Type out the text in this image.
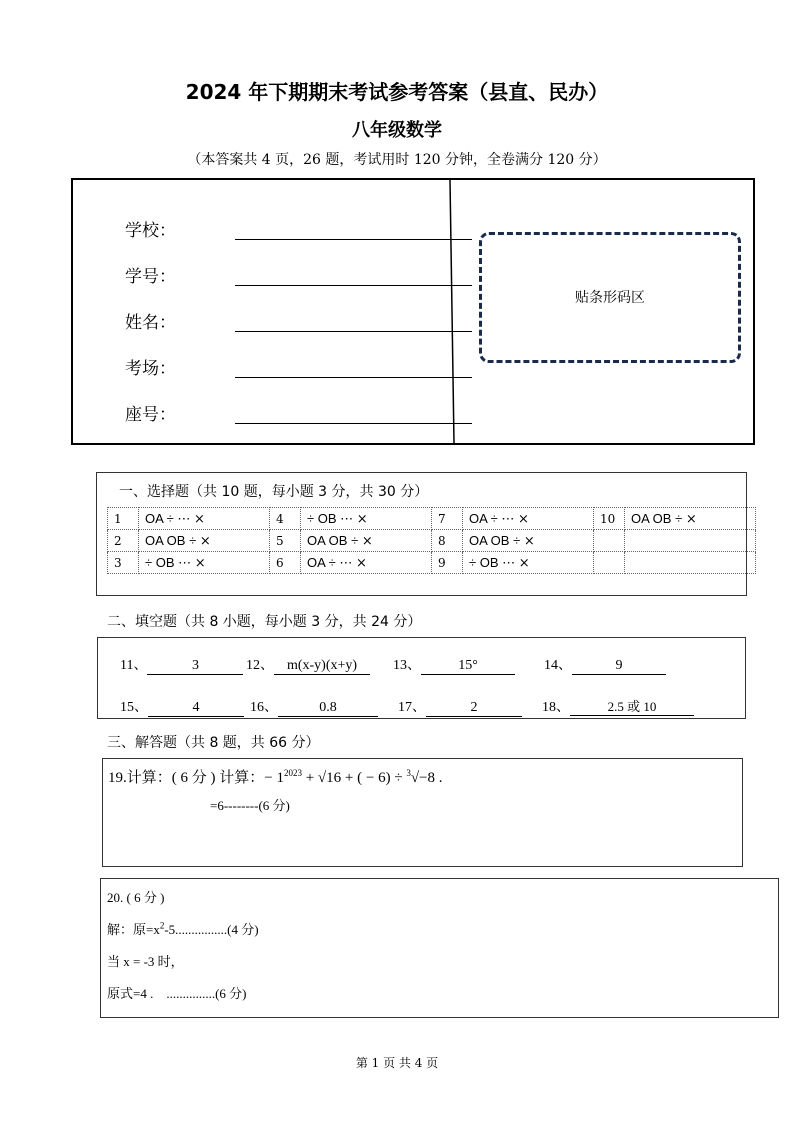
2024 年下期期末考试参考答案（县直、民办）
八年级数学
（本答案共 4 页，26 题，考试用时 120 分钟，全卷满分 120 分）
学校：
学号：
姓名：
考场：
座号：
贴条形码区
一、选择题（共 10 题，每小题 3 分，共 30 分）
1	OA ÷ ⋯ ⨯	4	÷ OB ⋯ ⨯	7	OA ÷ ⋯ ⨯	10	OA OB ÷ ⨯
2	OA OB ÷ ⨯	5	OA OB ÷ ⨯	8	OA OB ÷ ⨯		
3	÷ OB ⋯ ⨯	6	OA ÷ ⋯ ⨯	9	÷ OB ⋯ ⨯		
二、填空题（共 8 小题，每小题 3 分，共 24 分）
11、	3	12、 m(x-y)(x+y)	13、	15°	14、	9
15、	4	16、	0.8	17、	2	18、	2.5 或 10
三、解答题（共 8 题，共 66 分）
19.计算：( 6 分 ) 计算：− $1^{2023} + √16$ + ( − 6) ÷ $^3$√−8 .
=6--------(6 分)
20. ( 6 分 )
解：原$=x^2-5................(4$ 分)
当 x = -3 时，
原式=4 .    ...............(6 分)
第 1 页 共 4 页
